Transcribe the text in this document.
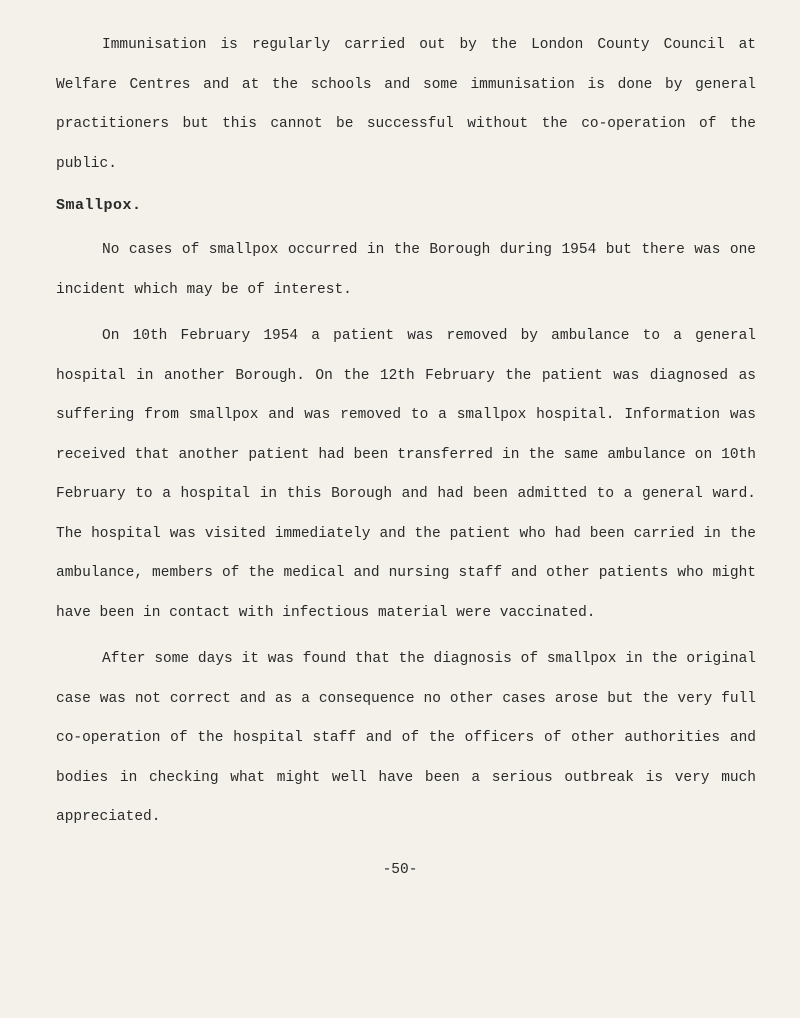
Immunisation is regularly carried out by the London County Council at Welfare Centres and at the schools and some immunisation is done by general practitioners but this cannot be successful without the co-operation of the public.

Smallpox.

No cases of smallpox occurred in the Borough during 1954 but there was one incident which may be of interest.

On 10th February 1954 a patient was removed by ambulance to a general hospital in another Borough. On the 12th February the patient was diagnosed as suffering from smallpox and was removed to a smallpox hospital. Information was received that another patient had been transferred in the same ambulance on 10th February to a hospital in this Borough and had been admitted to a general ward. The hospital was visited immediately and the patient who had been carried in the ambulance, members of the medical and nursing staff and other patients who might have been in contact with infectious material were vaccinated.

After some days it was found that the diagnosis of smallpox in the original case was not correct and as a consequence no other cases arose but the very full co-operation of the hospital staff and of the officers of other authorities and bodies in checking what might well have been a serious outbreak is very much appreciated.

-50-
